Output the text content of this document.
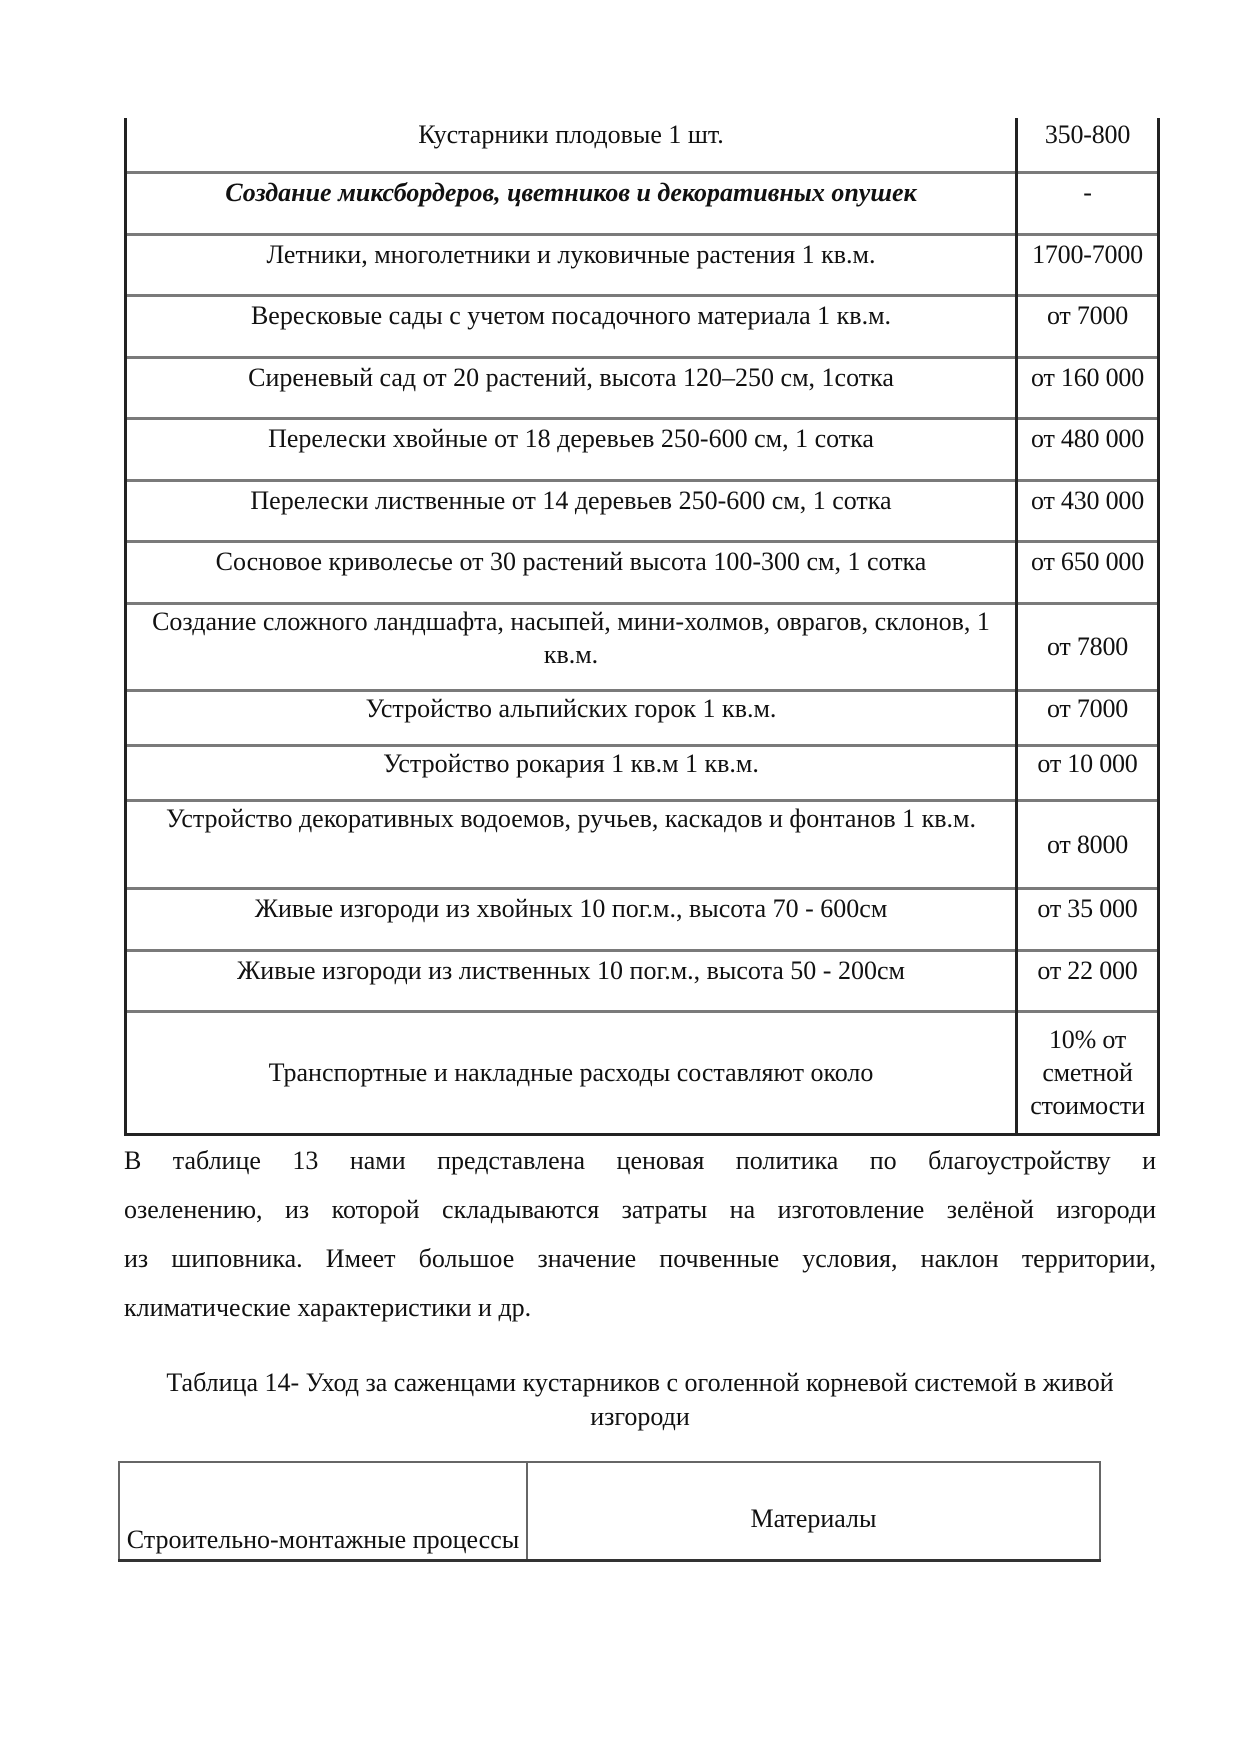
Кустарники плодовые 1 шт.	350-800
Создание миксбордеров, цветников и декоративных опушек	-
Летники, многолетники и луковичные растения 1 кв.м.	1700-7000
Вересковые сады с учетом посадочного материала 1 кв.м.	от 7000
Сиреневый сад от 20 растений, высота 120–250 см, 1сотка	от 160 000
Перелески хвойные от 18 деревьев 250-600 см, 1 сотка	от 480 000
Перелески лиственные от 14 деревьев 250-600 см, 1 сотка	от 430 000
Сосновое криволесье от 30 растений высота 100-300 см, 1 сотка	от 650 000
Создание сложного ландшафта, насыпей, мини-холмов, оврагов, склонов, 1 кв.м.	от 7800
Устройство альпийских горок 1 кв.м.	от 7000
Устройство рокария 1 кв.м 1 кв.м.	от 10 000
Устройство декоративных водоемов, ручьев, каскадов и фонтанов 1 кв.м.	от 8000
Живые изгороди из хвойных 10 пог.м., высота 70 - 600см	от 35 000
Живые изгороди из лиственных 10 пог.м., высота 50 - 200см	от 22 000
Транспортные и накладные расходы составляют около	10% от сметной стоимости
В таблице 13 нами представлена ценовая политика по благоустройству и
озеленению, из которой складываются затраты на изготовление зелёной изгороди
из шиповника. Имеет большое значение почвенные условия, наклон территории,
климатические характеристики и др.

Таблица 14- Уход за саженцами кустарников с оголенной корневой системой в живой изгороди

Строительно-монтажные процессы	Материалы
